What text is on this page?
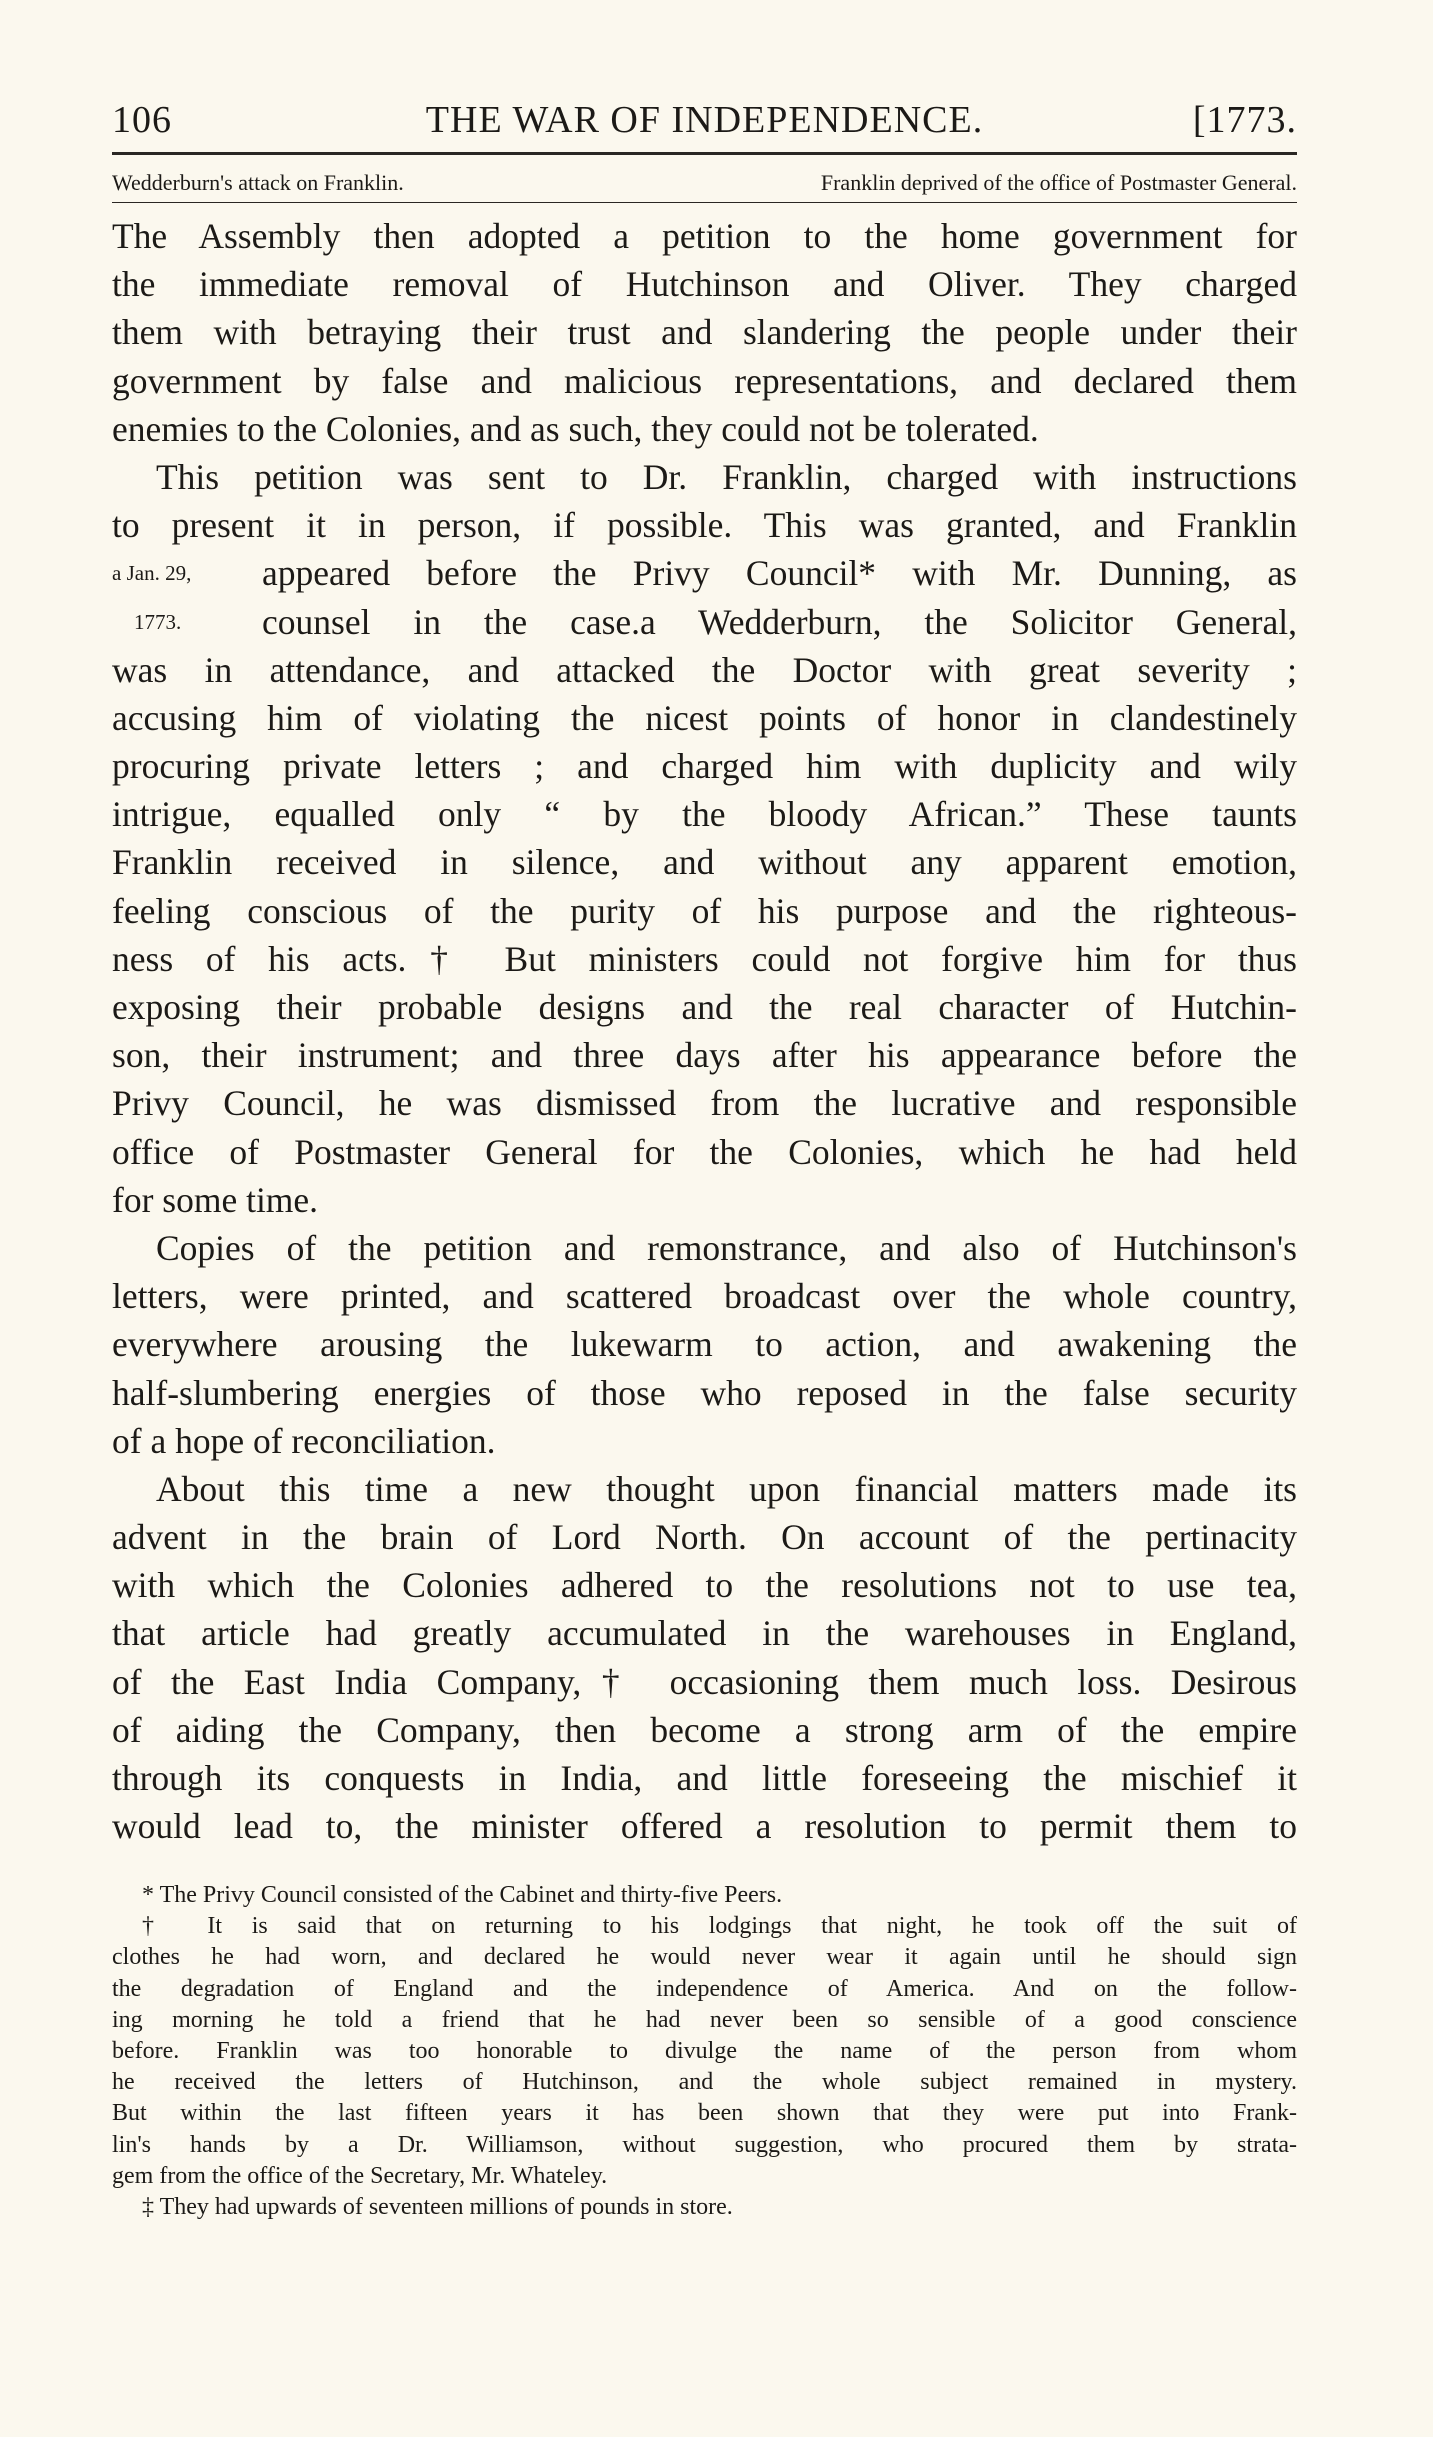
106	THE WAR OF INDEPENDENCE.	[1773.
Wedderburn's attack on Franklin.	Franklin deprived of the office of Postmaster General.
The Assembly then adopted a petition to the home government for
the immediate removal of Hutchinson and Oliver. They charged
them with betraying their trust and slandering the people under their
government by false and malicious representations, and declared them
enemies to the Colonies, and as such, they could not be tolerated.
This petition was sent to Dr. Franklin, charged with instructions
to present it in person, if possible. This was granted, and Franklin
a Jan. 29, appeared before the Privy Council* with Mr. Dunning, as
1773. counsel in the case.a Wedderburn, the Solicitor General,
was in attendance, and attacked the Doctor with great severity ;
accusing him of violating the nicest points of honor in clandestinely
procuring private letters ; and charged him with duplicity and wily
intrigue, equalled only “ by the bloody African.” These taunts
Franklin received in silence, and without any apparent emotion,
feeling conscious of the purity of his purpose and the righteous-
ness of his acts.† But ministers could not forgive him for thus
exposing their probable designs and the real character of Hutchin-
son, their instrument; and three days after his appearance before the
Privy Council, he was dismissed from the lucrative and responsible
office of Postmaster General for the Colonies, which he had held
for some time.
Copies of the petition and remonstrance, and also of Hutchinson's
letters, were printed, and scattered broadcast over the whole country,
everywhere arousing the lukewarm to action, and awakening the
half-slumbering energies of those who reposed in the false security
of a hope of reconciliation.
About this time a new thought upon financial matters made its
advent in the brain of Lord North. On account of the pertinacity
with which the Colonies adhered to the resolutions not to use tea,
that article had greatly accumulated in the warehouses in England,
of the East India Company,† occasioning them much loss. Desirous
of aiding the Company, then become a strong arm of the empire
through its conquests in India, and little foreseeing the mischief it
would lead to, the minister offered a resolution to permit them to
* The Privy Council consisted of the Cabinet and thirty-five Peers.
† It is said that on returning to his lodgings that night, he took off the suit of
clothes he had worn, and declared he would never wear it again until he should sign
the degradation of England and the independence of America. And on the follow-
ing morning he told a friend that he had never been so sensible of a good conscience
before. Franklin was too honorable to divulge the name of the person from whom
he received the letters of Hutchinson, and the whole subject remained in mystery.
But within the last fifteen years it has been shown that they were put into Frank-
lin's hands by a Dr. Williamson, without suggestion, who procured them by strata-
gem from the office of the Secretary, Mr. Whateley.
‡ They had upwards of seventeen millions of pounds in store.
